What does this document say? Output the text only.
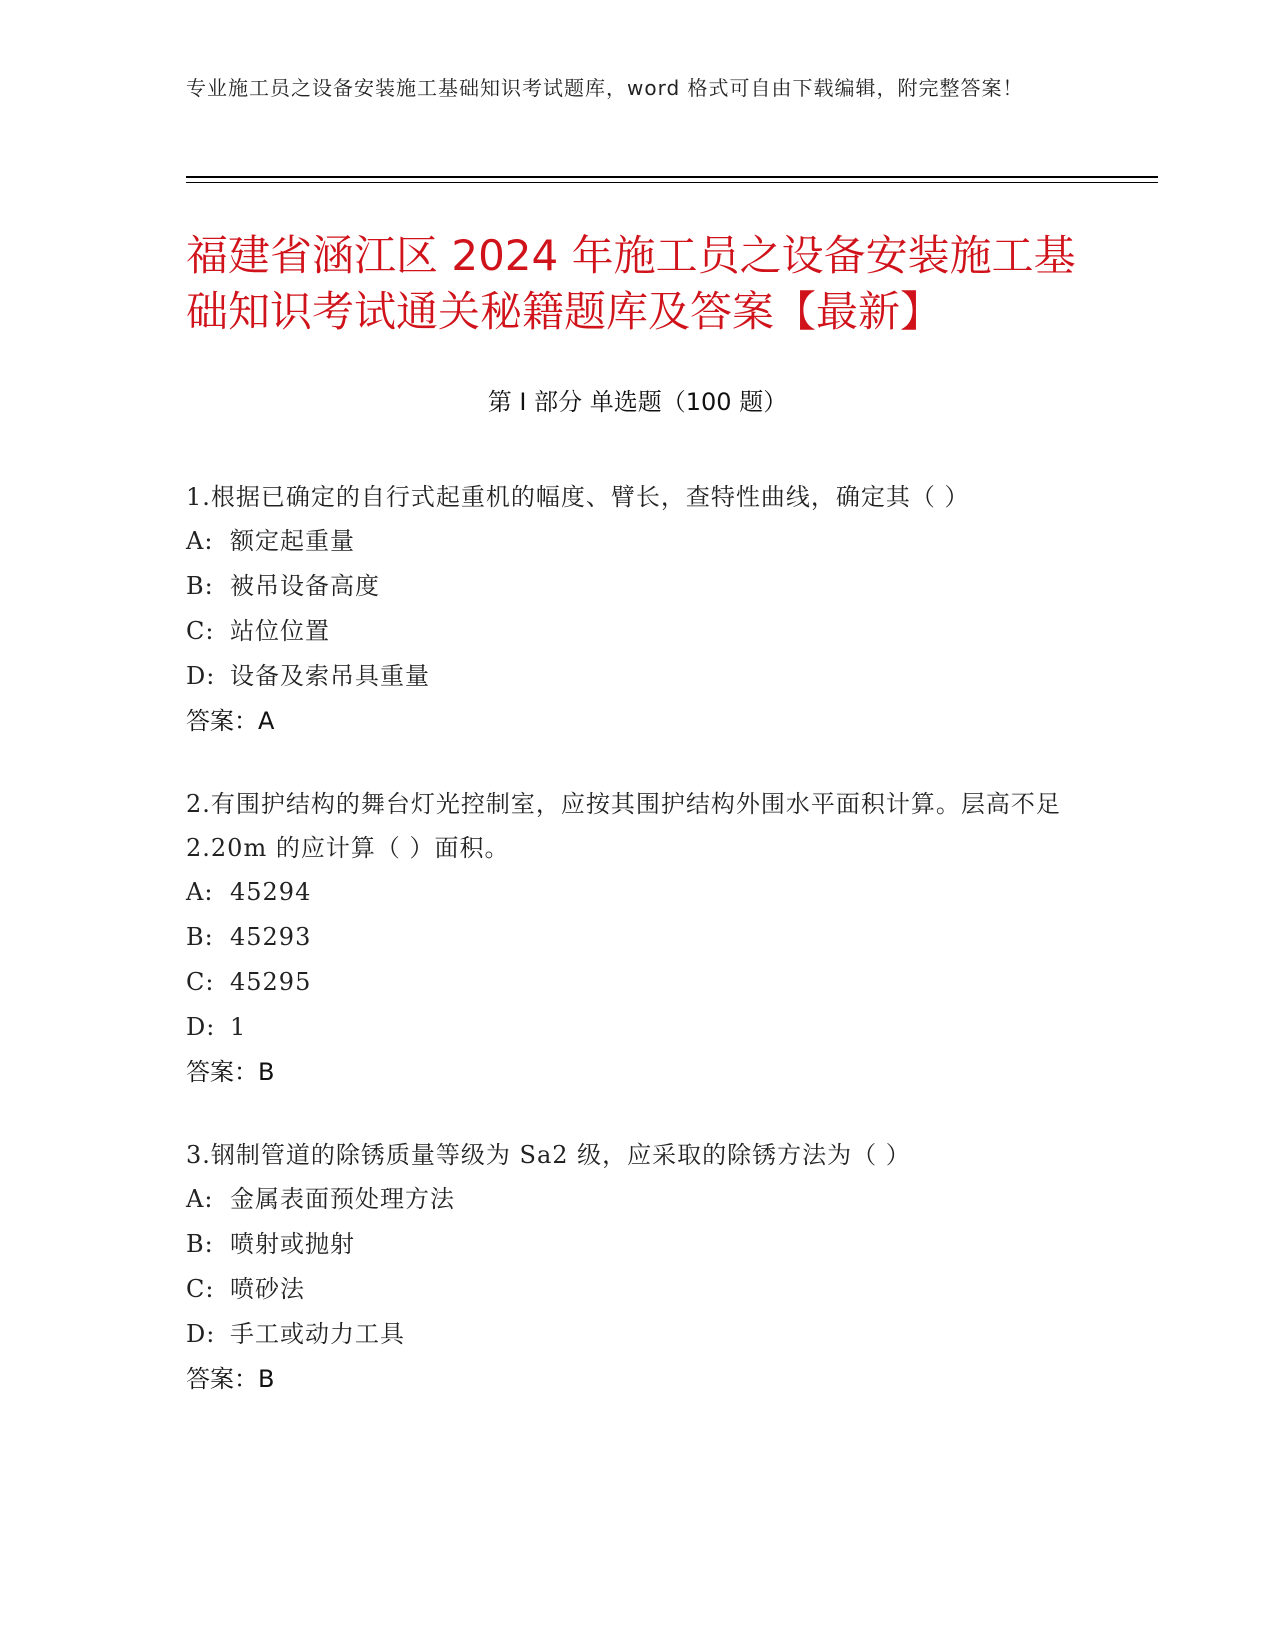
专业施工员之设备安装施工基础知识考试题库，word 格式可自由下载编辑，附完整答案！
福建省涵江区 2024 年施工员之设备安装施工基础知识考试通关秘籍题库及答案【最新】
第 I 部分 单选题（100 题）

1.根据已确定的自行式起重机的幅度、臂长，查特性曲线，确定其（ ）

A: 额定起重量
B: 被吊设备高度
C: 站位位置
D: 设备及索吊具重量
答案：A

2.有围护结构的舞台灯光控制室，应按其围护结构外围水平面积计算。层高不足 2.20m 的应计算（ ）面积。

A: 45294
B: 45293
C: 45295
D: 1
答案：B

3.钢制管道的除锈质量等级为 Sa2 级，应采取的除锈方法为（ ）

A: 金属表面预处理方法
B: 喷射或抛射
C: 喷砂法
D: 手工或动力工具
答案：B
